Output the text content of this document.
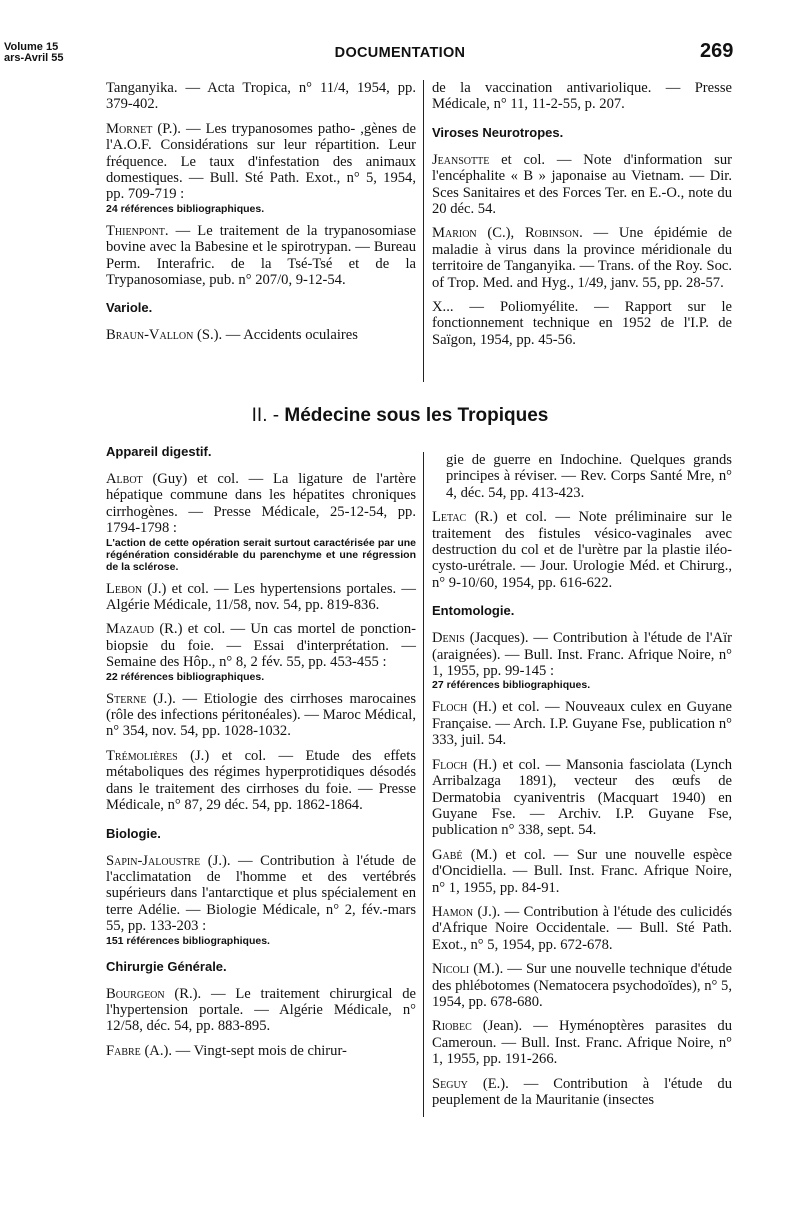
Volume 15
ars-Avril 55	DOCUMENTATION	269

Tanganyika. — Acta Tropica, n° 11/4, 1954, pp. 379-402.

Mornet (P.). — Les trypanosomes patho- ,gènes de l'A.O.F. Considérations sur leur répartition. Leur fréquence. Le taux d'infestation des animaux domestiques. — Bull. Sté Path. Exot., n° 5, 1954, pp. 709-719 :
24 références bibliographiques.

Thienpont. — Le traitement de la trypanosomiase bovine avec la Babesine et le spirotrypan. — Bureau Perm. Interafric. de la Tsé-Tsé et de la Trypanosomiase, pub. n° 207/0, 9-12-54.

Variole.

Braun-Vallon (S.). — Accidents oculaires

de la vaccination antivariolique. — Presse Médicale, n° 11, 11-2-55, p. 207.

Viroses Neurotropes.

Jeansotte et col. — Note d'information sur l'encéphalite « B » japonaise au Vietnam. — Dir. Sces Sanitaires et des Forces Ter. en E.-O., note du 20 déc. 54.

Marion (C.), Robinson. — Une épidémie de maladie à virus dans la province méridionale du territoire de Tanganyika. — Trans. of the Roy. Soc. of Trop. Med. and Hyg., 1/49, janv. 55, pp. 28-57.

X... — Poliomyélite. — Rapport sur le fonctionnement technique en 1952 de l'I.P. de Saïgon, 1954, pp. 45-56.

II. - Médecine sous les Tropiques
Appareil digestif.

Albot (Guy) et col. — La ligature de l'artère hépatique commune dans les hépatites chroniques cirrhogènes. — Presse Médicale, 25-12-54, pp. 1794-1798 :
L'action de cette opération serait surtout caractérisée par une régénération considérable du parenchyme et une régression de la sclérose.

Lebon (J.) et col. — Les hypertensions portales. — Algérie Médicale, 11/58, nov. 54, pp. 819-836.

Mazaud (R.) et col. — Un cas mortel de ponction-biopsie du foie. — Essai d'interprétation. — Semaine des Hôp., n° 8, 2 fév. 55, pp. 453-455 :
22 références bibliographiques.

Sterne (J.). — Etiologie des cirrhoses marocaines (rôle des infections péritonéales). — Maroc Médical, n° 354, nov. 54, pp. 1028-1032.

Trémolières (J.) et col. — Etude des effets métaboliques des régimes hyperprotidiques désodés dans le traitement des cirrhoses du foie. — Presse Médicale, n° 87, 29 déc. 54, pp. 1862-1864.

Biologie.

Sapin-Jaloustre (J.). — Contribution à l'étude de l'acclimatation de l'homme et des vertébrés supérieurs dans l'antarctique et plus spécialement en terre Adélie. — Biologie Médicale, n° 2, fév.-mars 55, pp. 133-203 :
151 références bibliographiques.

Chirurgie Générale.

Bourgeon (R.). — Le traitement chirurgical de l'hypertension portale. — Algérie Médicale, n° 12/58, déc. 54, pp. 883-895.

Fabre (A.). — Vingt-sept mois de chirur-

gie de guerre en Indochine. Quelques grands principes à réviser. — Rev. Corps Santé Mre, n° 4, déc. 54, pp. 413-423.

Letac (R.) et col. — Note préliminaire sur le traitement des fistules vésico-vaginales avec destruction du col et de l'urètre par la plastie iléo-cysto-urétrale. — Jour. Urologie Méd. et Chirurg., n° 9-10/60, 1954, pp. 616-622.

Entomologie.

Denis (Jacques). — Contribution à l'étude de l'Aïr (araignées). — Bull. Inst. Franc. Afrique Noire, n° 1, 1955, pp. 99-145 :
27 références bibliographiques.

Floch (H.) et col. — Nouveaux culex en Guyane Française. — Arch. I.P. Guyane Fse, publication n° 333, juil. 54.

Floch (H.) et col. — Mansonia fasciolata (Lynch Arribalzaga 1891), vecteur des œufs de Dermatobia cyaniventris (Macquart 1940) en Guyane Fse. — Archiv. I.P. Guyane Fse, publication n° 338, sept. 54.

Gabé (M.) et col. — Sur une nouvelle espèce d'Oncidiella. — Bull. Inst. Franc. Afrique Noire, n° 1, 1955, pp. 84-91.

Hamon (J.). — Contribution à l'étude des culicidés d'Afrique Noire Occidentale. — Bull. Sté Path. Exot., n° 5, 1954, pp. 672-678.

Nicoli (M.). — Sur une nouvelle technique d'étude des phlébotomes (Nematocera psychodoïdes), n° 5, 1954, pp. 678-680.

Riobec (Jean). — Hyménoptères parasites du Cameroun. — Bull. Inst. Franc. Afrique Noire, n° 1, 1955, pp. 191-266.

Seguy (E.). — Contribution à l'étude du peuplement de la Mauritanie (insectes
